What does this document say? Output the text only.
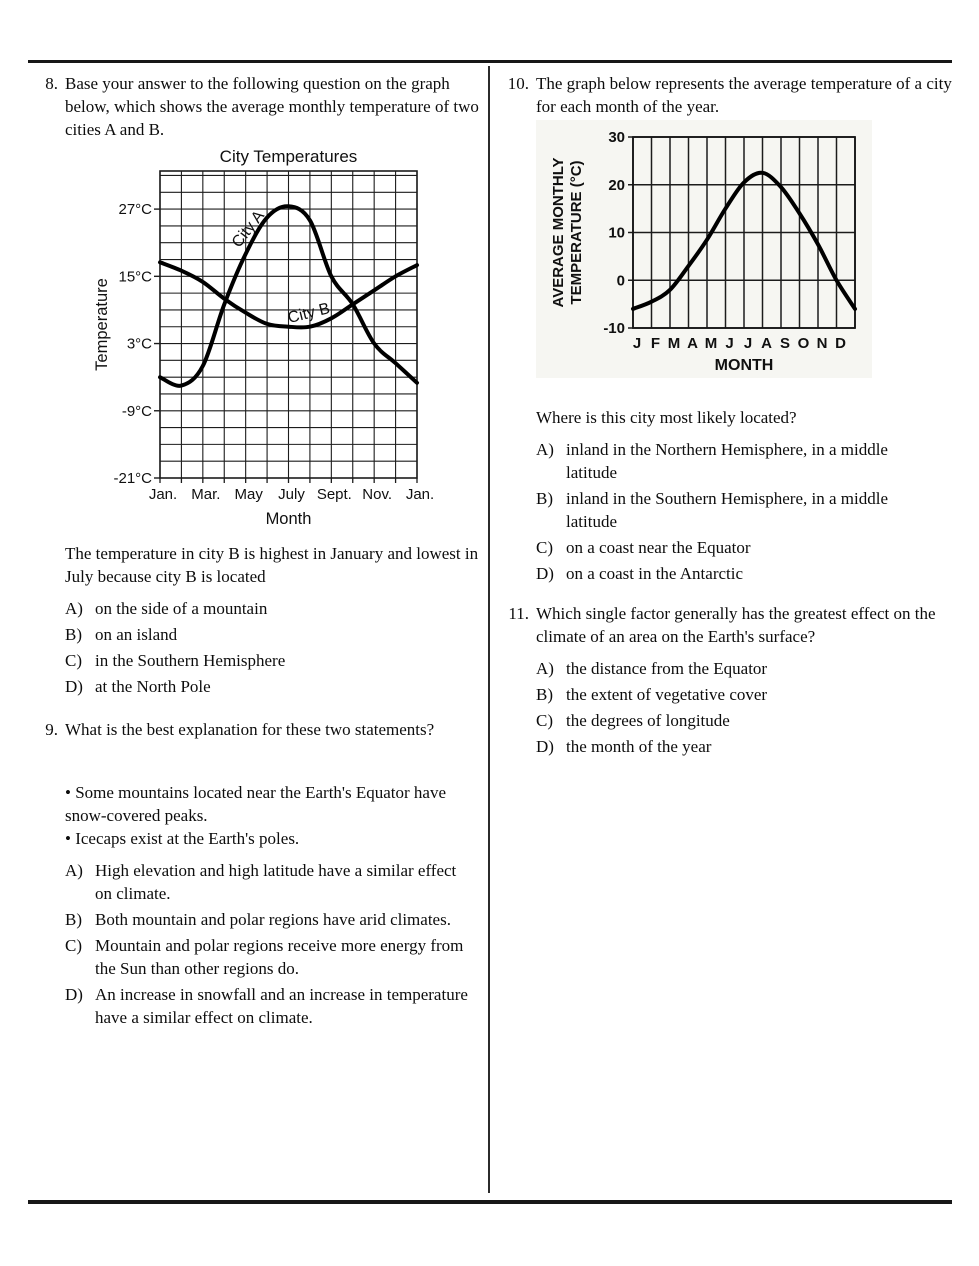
8. Base your answer to the following question on the graph below, which shows the average monthly temperature of two cities A and B.
27°C
15°C
3°C
-9°C
-21°C
Jan. Mar. May July Sept. Nov. Jan.
City Temperatures
Month
Temperature
City A
City B
The temperature in city B is highest in January and lowest in July because city B is located
A) on the side of a mountain
B) on an island
C) in the Southern Hemisphere
D) at the North Pole
9. What is the best explanation for these two statements?
• Some mountains located near the Earth's Equator have snow-covered peaks.
• Icecaps exist at the Earth's poles.
A) High elevation and high latitude have a similar effect on climate.
B) Both mountain and polar regions have arid climates.
C) Mountain and polar regions receive more energy from the Sun than other regions do.
D) An increase in snowfall and an increase in temperature have a similar effect on climate.
10. The graph below represents the average temperature of a city for each month of the year.
30
20
10
0
-10
J F M A M J J A S O N D
MONTH
AVERAGE MONTHLY TEMPERATURE (°C)
Where is this city most likely located?
A) inland in the Northern Hemisphere, in a middle latitude
B) inland in the Southern Hemisphere, in a middle latitude
C) on a coast near the Equator
D) on a coast in the Antarctic
11. Which single factor generally has the greatest effect on the climate of an area on the Earth's surface?
A) the distance from the Equator
B) the extent of vegetative cover
C) the degrees of longitude
D) the month of the year
